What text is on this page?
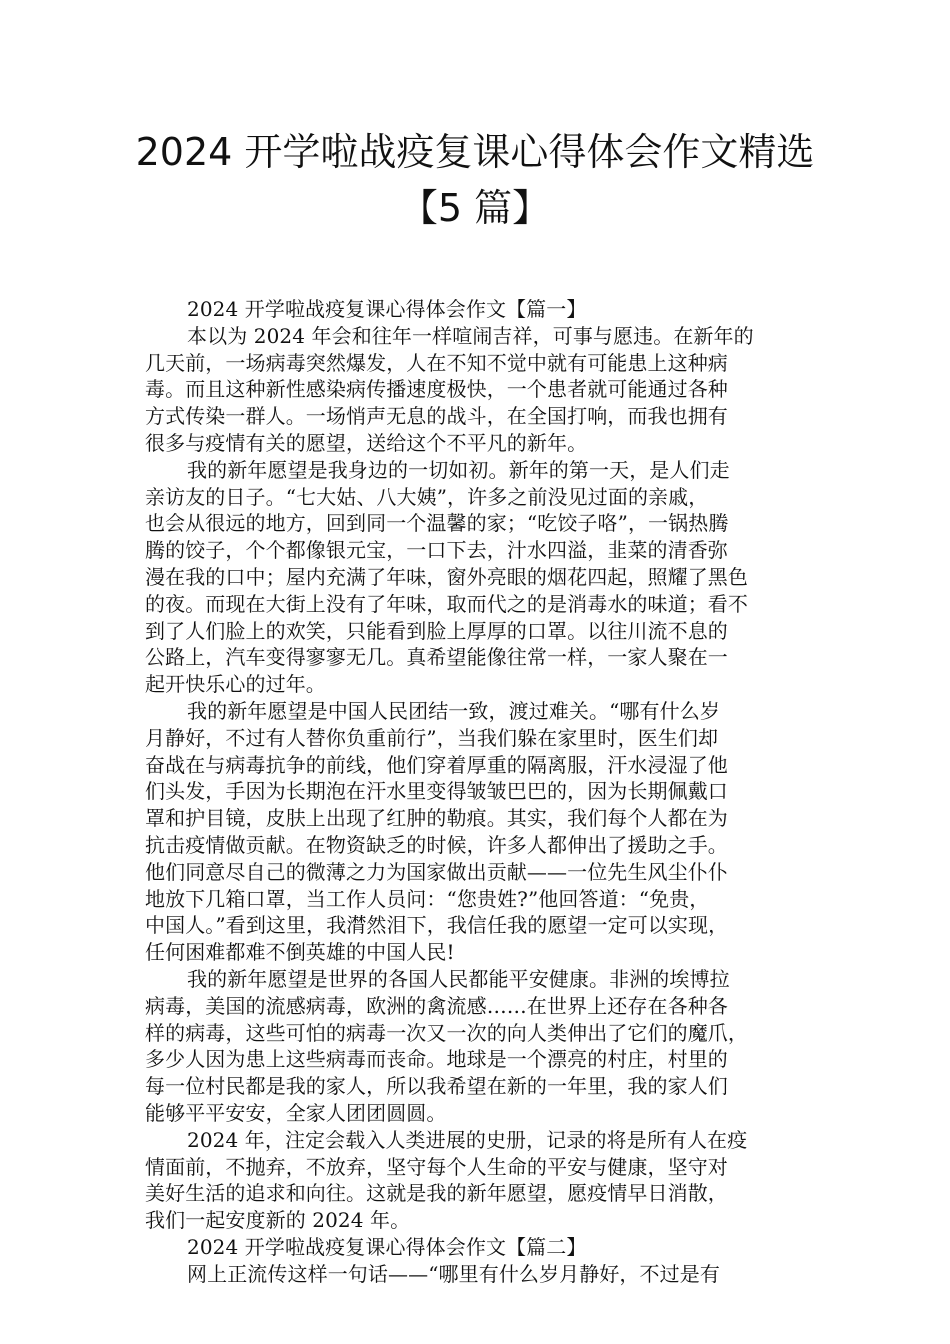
2024 开学啦战疫复课心得体会作文精选
【5 篇】
2024 开学啦战疫复课心得体会作文【篇一】
本以为 2024 年会和往年一样喧闹吉祥，可事与愿违。在新年的
几天前，一场病毒突然爆发，人在不知不觉中就有可能患上这种病
毒。而且这种新性感染病传播速度极快，一个患者就可能通过各种
方式传染一群人。一场悄声无息的战斗，在全国打响，而我也拥有
很多与疫情有关的愿望，送给这个不平凡的新年。
我的新年愿望是我身边的一切如初。新年的第一天，是人们走
亲访友的日子。“七大姑、八大姨”，许多之前没见过面的亲戚，
也会从很远的地方，回到同一个温馨的家；“吃饺子咯”，一锅热腾
腾的饺子，个个都像银元宝，一口下去，汁水四溢，韭菜的清香弥
漫在我的口中；屋内充满了年味，窗外亮眼的烟花四起，照耀了黑色
的夜。而现在大街上没有了年味，取而代之的是消毒水的味道；看不
到了人们脸上的欢笑，只能看到脸上厚厚的口罩。以往川流不息的
公路上，汽车变得寥寥无几。真希望能像往常一样，一家人聚在一
起开快乐心的过年。
我的新年愿望是中国人民团结一致，渡过难关。“哪有什么岁
月静好，不过有人替你负重前行”，当我们躲在家里时，医生们却
奋战在与病毒抗争的前线，他们穿着厚重的隔离服，汗水浸湿了他
们头发，手因为长期泡在汗水里变得皱皱巴巴的，因为长期佩戴口
罩和护目镜，皮肤上出现了红肿的勒痕。其实，我们每个人都在为
抗击疫情做贡献。在物资缺乏的时候，许多人都伸出了援助之手。
他们同意尽自己的微薄之力为国家做出贡献——一位先生风尘仆仆
地放下几箱口罩，当工作人员问：“您贵姓?”他回答道：“免贵，
中国人。”看到这里，我潸然泪下，我信任我的愿望一定可以实现，
任何困难都难不倒英雄的中国人民!
我的新年愿望是世界的各国人民都能平安健康。非洲的埃博拉
病毒，美国的流感病毒，欧洲的禽流感……在世界上还存在各种各
样的病毒，这些可怕的病毒一次又一次的向人类伸出了它们的魔爪，
多少人因为患上这些病毒而丧命。地球是一个漂亮的村庄，村里的
每一位村民都是我的家人，所以我希望在新的一年里，我的家人们
能够平平安安，全家人团团圆圆。
2024 年，注定会载入人类进展的史册，记录的将是所有人在疫
情面前，不抛弃，不放弃，坚守每个人生命的平安与健康，坚守对
美好生活的追求和向往。这就是我的新年愿望，愿疫情早日消散，
我们一起安度新的 2024 年。
2024 开学啦战疫复课心得体会作文【篇二】
网上正流传这样一句话——“哪里有什么岁月静好，不过是有
